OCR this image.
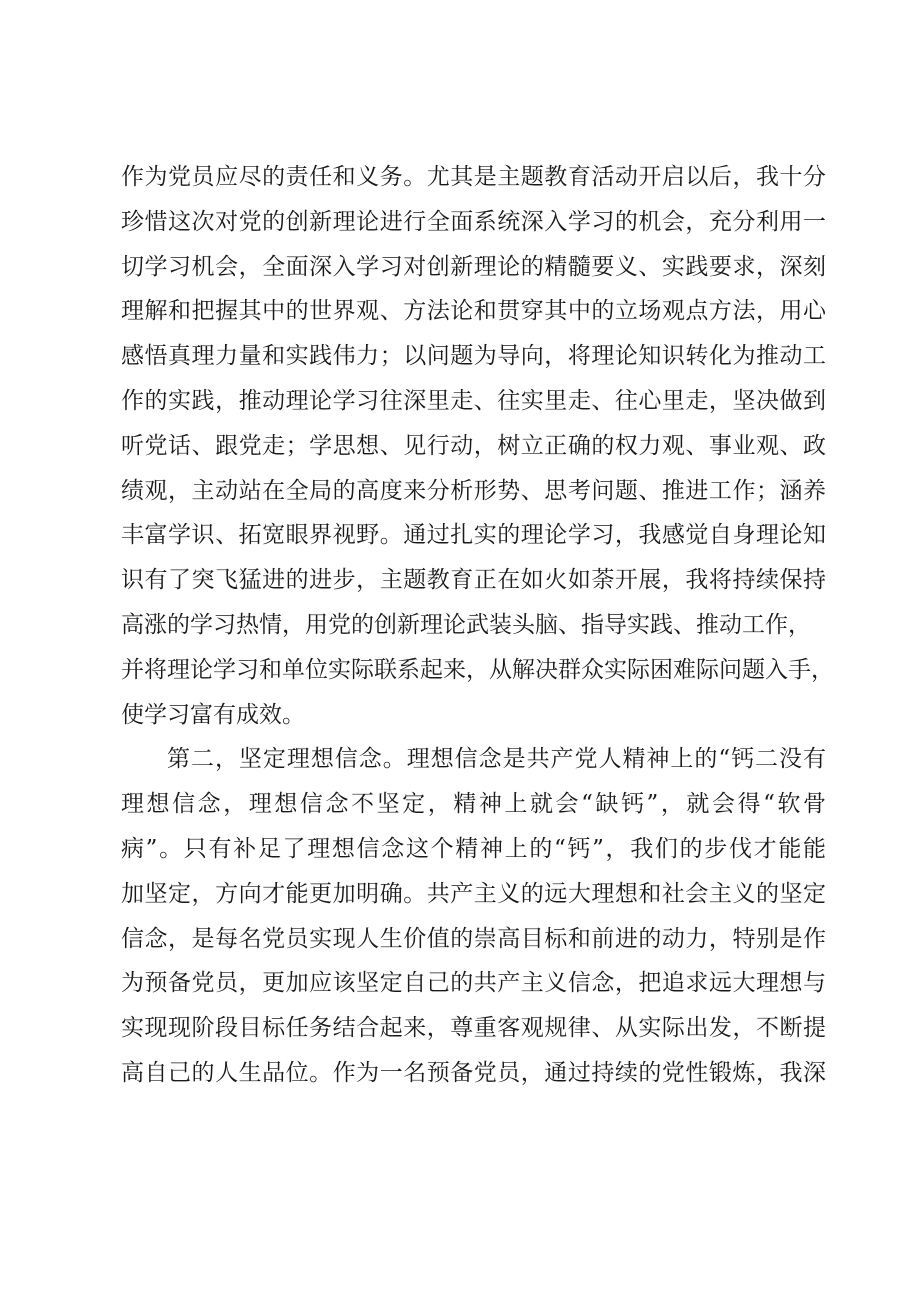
作为党员应尽的责任和义务。尤其是主题教育活动开启以后，我十分
珍惜这次对党的创新理论进行全面系统深入学习的机会，充分利用一
切学习机会，全面深入学习对创新理论的精髓要义、实践要求，深刻
理解和把握其中的世界观、方法论和贯穿其中的立场观点方法，用心
感悟真理力量和实践伟力；以问题为导向，将理论知识转化为推动工
作的实践，推动理论学习往深里走、往实里走、往心里走，坚决做到
听党话、跟党走；学思想、见行动，树立正确的权力观、事业观、政
绩观，主动站在全局的高度来分析形势、思考问题、推进工作；涵养
丰富学识、拓宽眼界视野。通过扎实的理论学习，我感觉自身理论知
识有了突飞猛进的进步，主题教育正在如火如荼开展，我将持续保持
高涨的学习热情，用党的创新理论武装头脑、指导实践、推动工作，
并将理论学习和单位实际联系起来，从解决群众实际困难际问题入手，
使学习富有成效。
第二，坚定理想信念。理想信念是共产党人精神上的“钙二没有
理想信念，理想信念不坚定，精神上就会“缺钙”，就会得“软骨
病”。只有补足了理想信念这个精神上的“钙”，我们的步伐才能能
加坚定，方向才能更加明确。共产主义的远大理想和社会主义的坚定
信念，是每名党员实现人生价值的崇高目标和前进的动力，特别是作
为预备党员，更加应该坚定自己的共产主义信念，把追求远大理想与
实现现阶段目标任务结合起来，尊重客观规律、从实际出发，不断提
高自己的人生品位。作为一名预备党员，通过持续的党性锻炼，我深
